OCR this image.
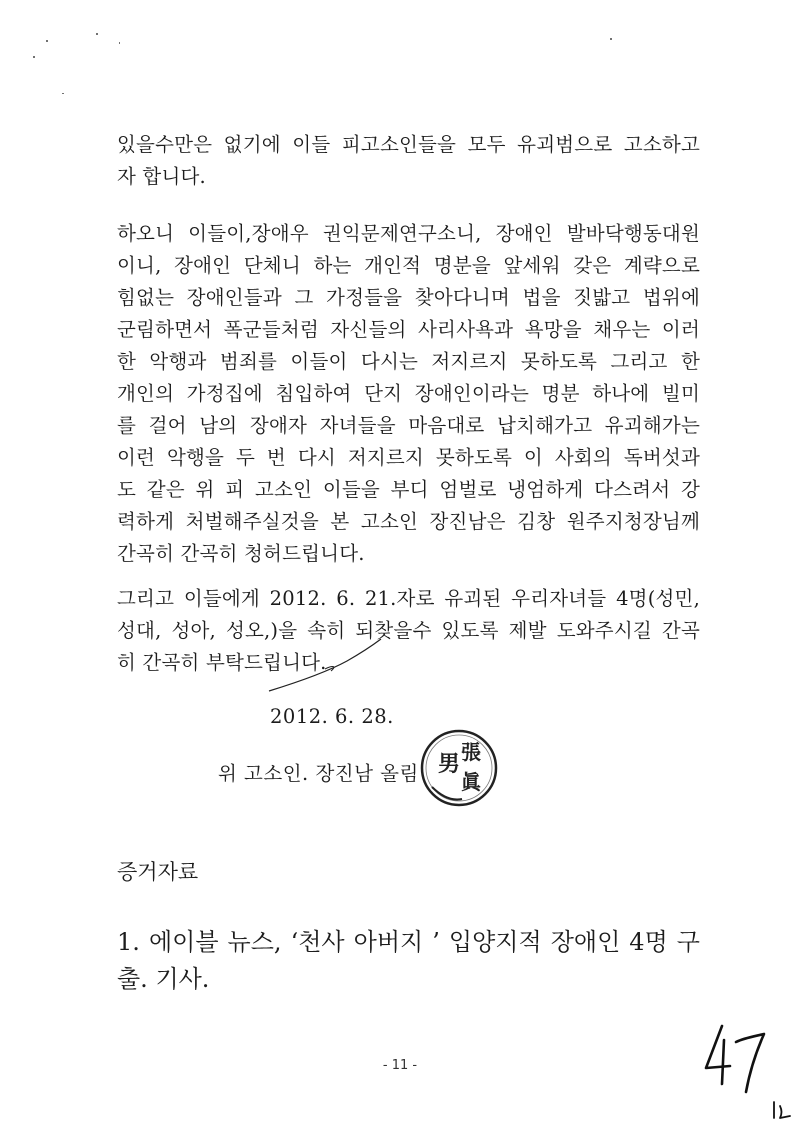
있을수만은 없기에 이들 피고소인들을 모두 유괴범으로 고소하고
자 합니다.
하오니 이들이,장애우 권익문제연구소니, 장애인 발바닥행동대원
이니, 장애인 단체니 하는 개인적 명분을 앞세워 갖은 계략으로
힘없는 장애인들과 그 가정들을 찾아다니며 법을 짓밟고 법위에
군림하면서 폭군들처럼 자신들의 사리사욕과 욕망을 채우는 이러
한 악행과 범죄를 이들이 다시는 저지르지 못하도록 그리고 한
개인의 가정집에 침입하여 단지 장애인이라는 명분 하나에 빌미
를 걸어 남의 장애자 자녀들을 마음대로 납치해가고 유괴해가는
이런 악행을 두 번 다시 저지르지 못하도록 이 사회의 독버섯과
도 같은 위 피 고소인 이들을 부디 엄벌로 냉엄하게 다스려서 강
력하게 처벌해주실것을 본 고소인 장진남은 김창 원주지청장님께
간곡히 간곡히 청허드립니다.
그리고 이들에게 2012. 6. 21.자로 유괴된 우리자녀들 4명(성민,
성대, 성아, 성오,)을 속히 되찾을수 있도록 제발 도와주시길 간곡
히 간곡히 부탁드립니다.
2012. 6. 28.
위 고소인. 장진남 올림 男 張
眞
증거자료
1. 에이블 뉴스, ‘천사 아버지 ’ 입양지적 장애인 4명 구
출. 기사.
- 11 -
